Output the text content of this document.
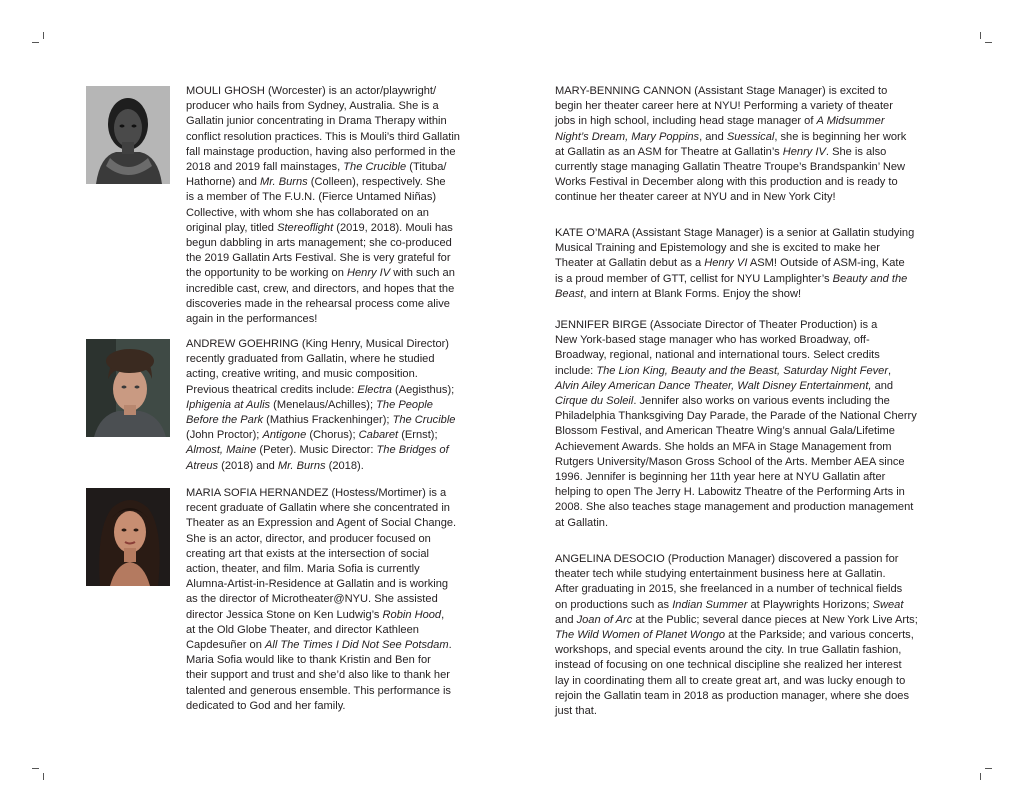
MOULI GHOSH (Worcester) is an actor/playwright/
producer who hails from Sydney, Australia. She is a
Gallatin junior concentrating in Drama Therapy within
conflict resolution practices. This is Mouli’s third Gallatin
fall mainstage production, having also performed in the
2018 and 2019 fall mainstages, The Crucible (Tituba/
Hathorne) and Mr. Burns (Colleen), respectively. She
is a member of The F.U.N. (Fierce Untamed Niñas)
Collective, with whom she has collaborated on an
original play, titled Stereoflight (2019, 2018). Mouli has
begun dabbling in arts management; she co-produced
the 2019 Gallatin Arts Festival. She is very grateful for
the opportunity to be working on Henry IV with such an
incredible cast, crew, and directors, and hopes that the
discoveries made in the rehearsal process come alive
again in the performances!

ANDREW GOEHRING (King Henry, Musical Director)
recently graduated from Gallatin, where he studied
acting, creative writing, and music composition.
Previous theatrical credits include: Electra (Aegisthus);
Iphigenia at Aulis (Menelaus/Achilles); The People
Before the Park (Mathius Frackenhinger); The Crucible
(John Proctor); Antigone (Chorus); Cabaret (Ernst);
Almost, Maine (Peter). Music Director: The Bridges of
Atreus (2018) and Mr. Burns (2018).

MARIA SOFIA HERNANDEZ (Hostess/Mortimer) is a
recent graduate of Gallatin where she concentrated in
Theater as an Expression and Agent of Social Change.
She is an actor, director, and producer focused on
creating art that exists at the intersection of social
action, theater, and film. Maria Sofia is currently
Alumna-Artist-in-Residence at Gallatin and is working
as the director of Microtheater@NYU. She assisted
director Jessica Stone on Ken Ludwig’s Robin Hood,
at the Old Globe Theater, and director Kathleen
Capdesuñer on All The Times I Did Not See Potsdam.
Maria Sofia would like to thank Kristin and Ben for
their support and trust and she’d also like to thank her
talented and generous ensemble. This performance is
dedicated to God and her family.

MARY-BENNING CANNON (Assistant Stage Manager) is excited to
begin her theater career here at NYU! Performing a variety of theater
jobs in high school, including head stage manager of A Midsummer
Night’s Dream, Mary Poppins, and Suessical, she is beginning her work
at Gallatin as an ASM for Theatre at Gallatin’s Henry IV. She is also
currently stage managing Gallatin Theatre Troupe’s Brandspankin’ New
Works Festival in December along with this production and is ready to
continue her theater career at NYU and in New York City!

KATE O’MARA (Assistant Stage Manager) is a senior at Gallatin studying
Musical Training and Epistemology and she is excited to make her
Theater at Gallatin debut as a Henry VI ASM! Outside of ASM-ing, Kate
is a proud member of GTT, cellist for NYU Lamplighter’s Beauty and the
Beast, and intern at Blank Forms. Enjoy the show!

JENNIFER BIRGE (Associate Director of Theater Production) is a
New York-based stage manager who has worked Broadway, off-
Broadway, regional, national and international tours. Select credits
include: The Lion King, Beauty and the Beast, Saturday Night Fever,
Alvin Ailey American Dance Theater, Walt Disney Entertainment, and
Cirque du Soleil. Jennifer also works on various events including the
Philadelphia Thanksgiving Day Parade, the Parade of the National Cherry
Blossom Festival, and American Theatre Wing’s annual Gala/Lifetime
Achievement Awards. She holds an MFA in Stage Management from
Rutgers University/Mason Gross School of the Arts. Member AEA since
1996. Jennifer is beginning her 11th year here at NYU Gallatin after
helping to open The Jerry H. Labowitz Theatre of the Performing Arts in
2008. She also teaches stage management and production management
at Gallatin.

ANGELINA DESOCIO (Production Manager) discovered a passion for
theater tech while studying entertainment business here at Gallatin.
After graduating in 2015, she freelanced in a number of technical fields
on productions such as Indian Summer at Playwrights Horizons; Sweat
and Joan of Arc at the Public; several dance pieces at New York Live Arts;
The Wild Women of Planet Wongo at the Parkside; and various concerts,
workshops, and special events around the city. In true Gallatin fashion,
instead of focusing on one technical discipline she realized her interest
lay in coordinating them all to create great art, and was lucky enough to
rejoin the Gallatin team in 2018 as production manager, where she does
just that.
